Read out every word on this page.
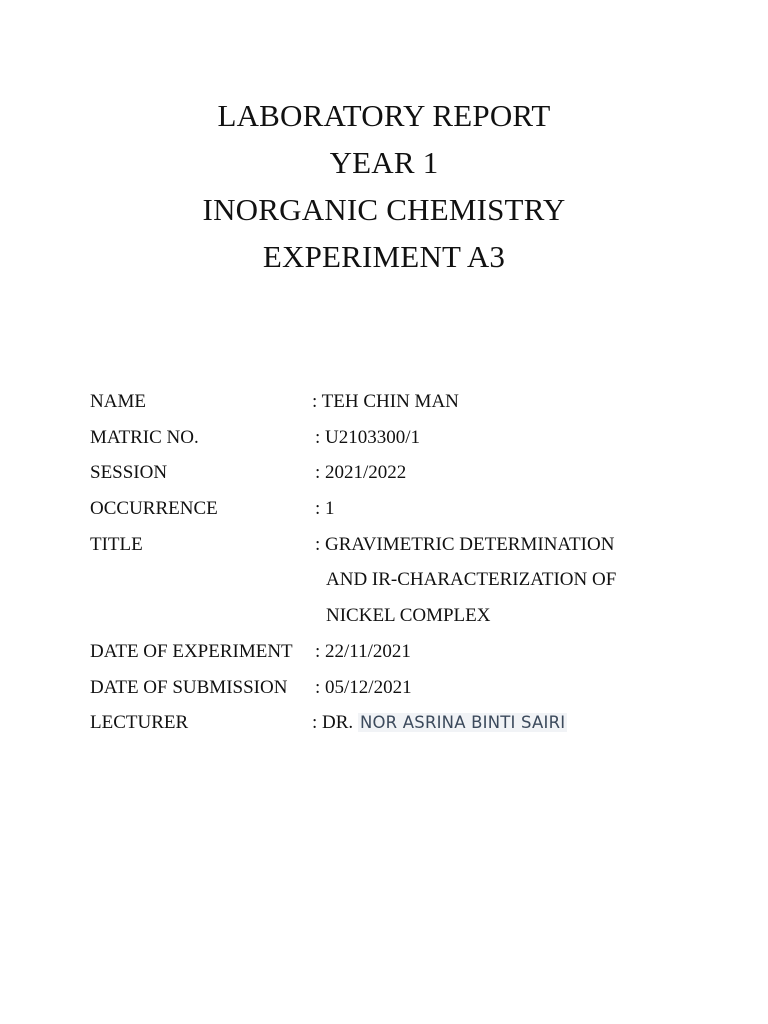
LABORATORY REPORT
YEAR 1
INORGANIC CHEMISTRY
EXPERIMENT A3
NAME	: TEH CHIN MAN
MATRIC NO.	: U2103300/1
SESSION	: 2021/2022
OCCURRENCE	: 1
TITLE	: GRAVIMETRIC DETERMINATION
AND IR-CHARACTERIZATION OF
NICKEL COMPLEX
DATE OF EXPERIMENT : 22/11/2021
DATE OF SUBMISSION : 05/12/2021
LECTURER	: DR. NOR ASRINA BINTI SAIRI
